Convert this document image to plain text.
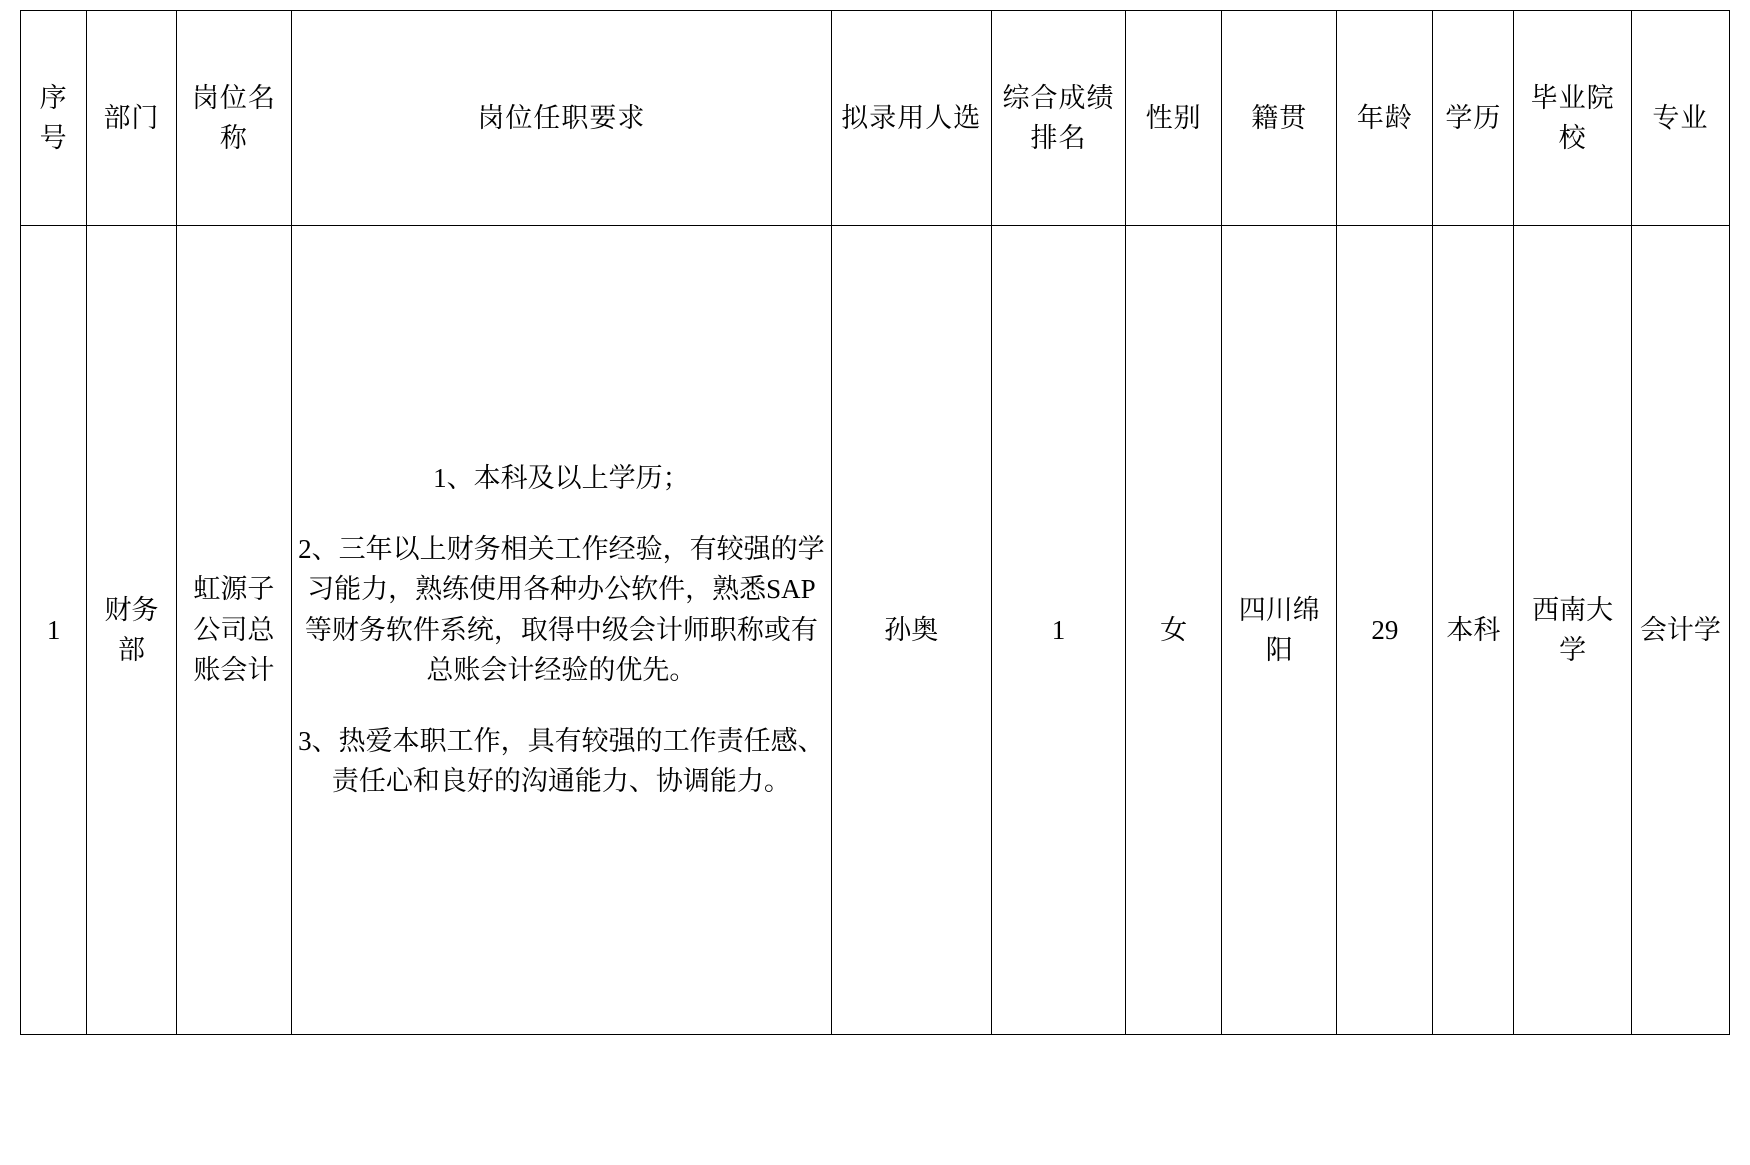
序号	部门	岗位名称	岗位任职要求	拟录用人选	综合成绩排名	性别	籍贯	年龄	学历	毕业院校	专业
1	财务部	虹源子公司总账会计	1、本科及以上学历；

2、三年以上财务相关工作经验，有较强的学习能力，熟练使用各种办公软件，熟悉SAP等财务软件系统，取得中级会计师职称或有总账会计经验的优先。

3、热爱本职工作，具有较强的工作责任感、责任心和良好的沟通能力、协调能力。	孙奥	1	女	四川绵阳	29	本科	西南大学	会计学
